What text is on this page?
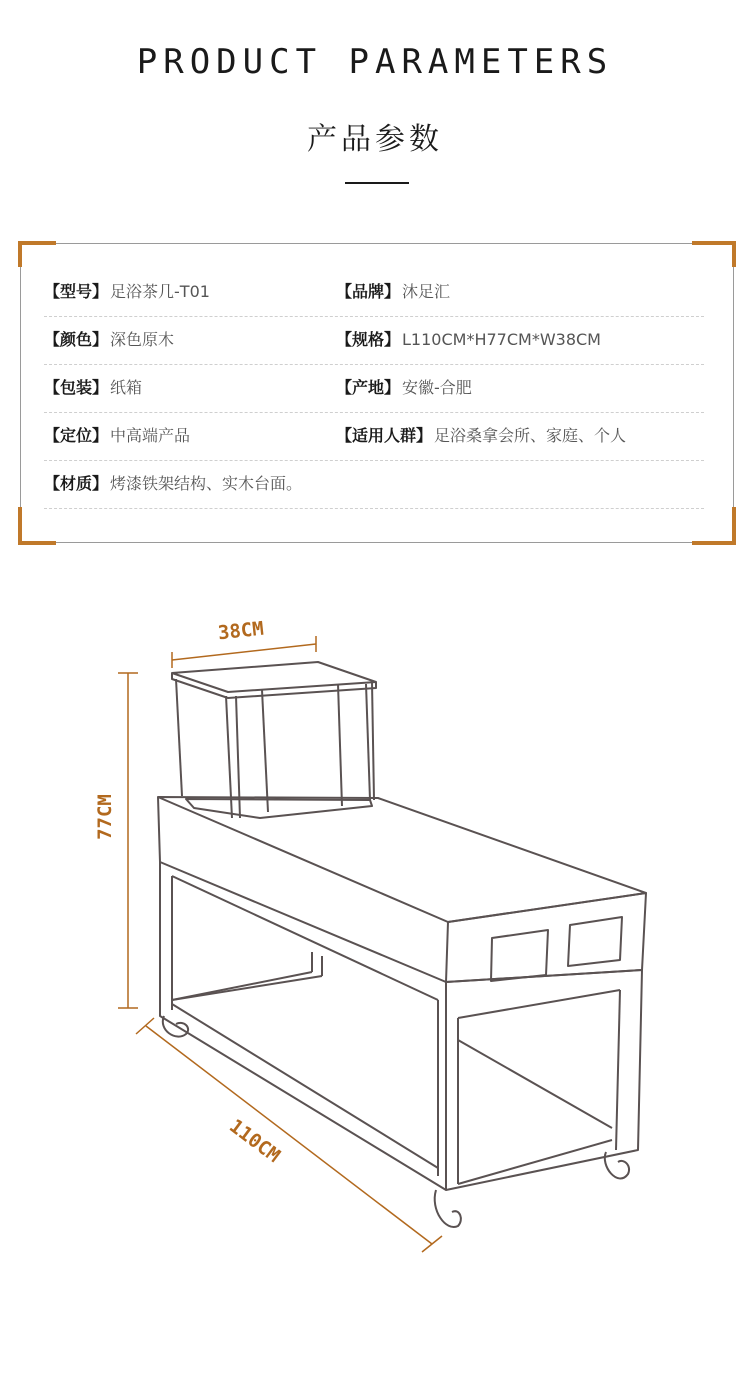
PRODUCT PARAMETERS
产品参数
【型号】 足浴茶几-T01	【品牌】 沐足汇
【颜色】 深色原木	【规格】 L110CM*H77CM*W38CM
【包装】 纸箱	【产地】 安徽-合肥
【定位】 中高端产品	【适用人群】 足浴桑拿会所、家庭、个人
【材质】 烤漆铁架结构、实木台面。
38CM
77CM
110CM
